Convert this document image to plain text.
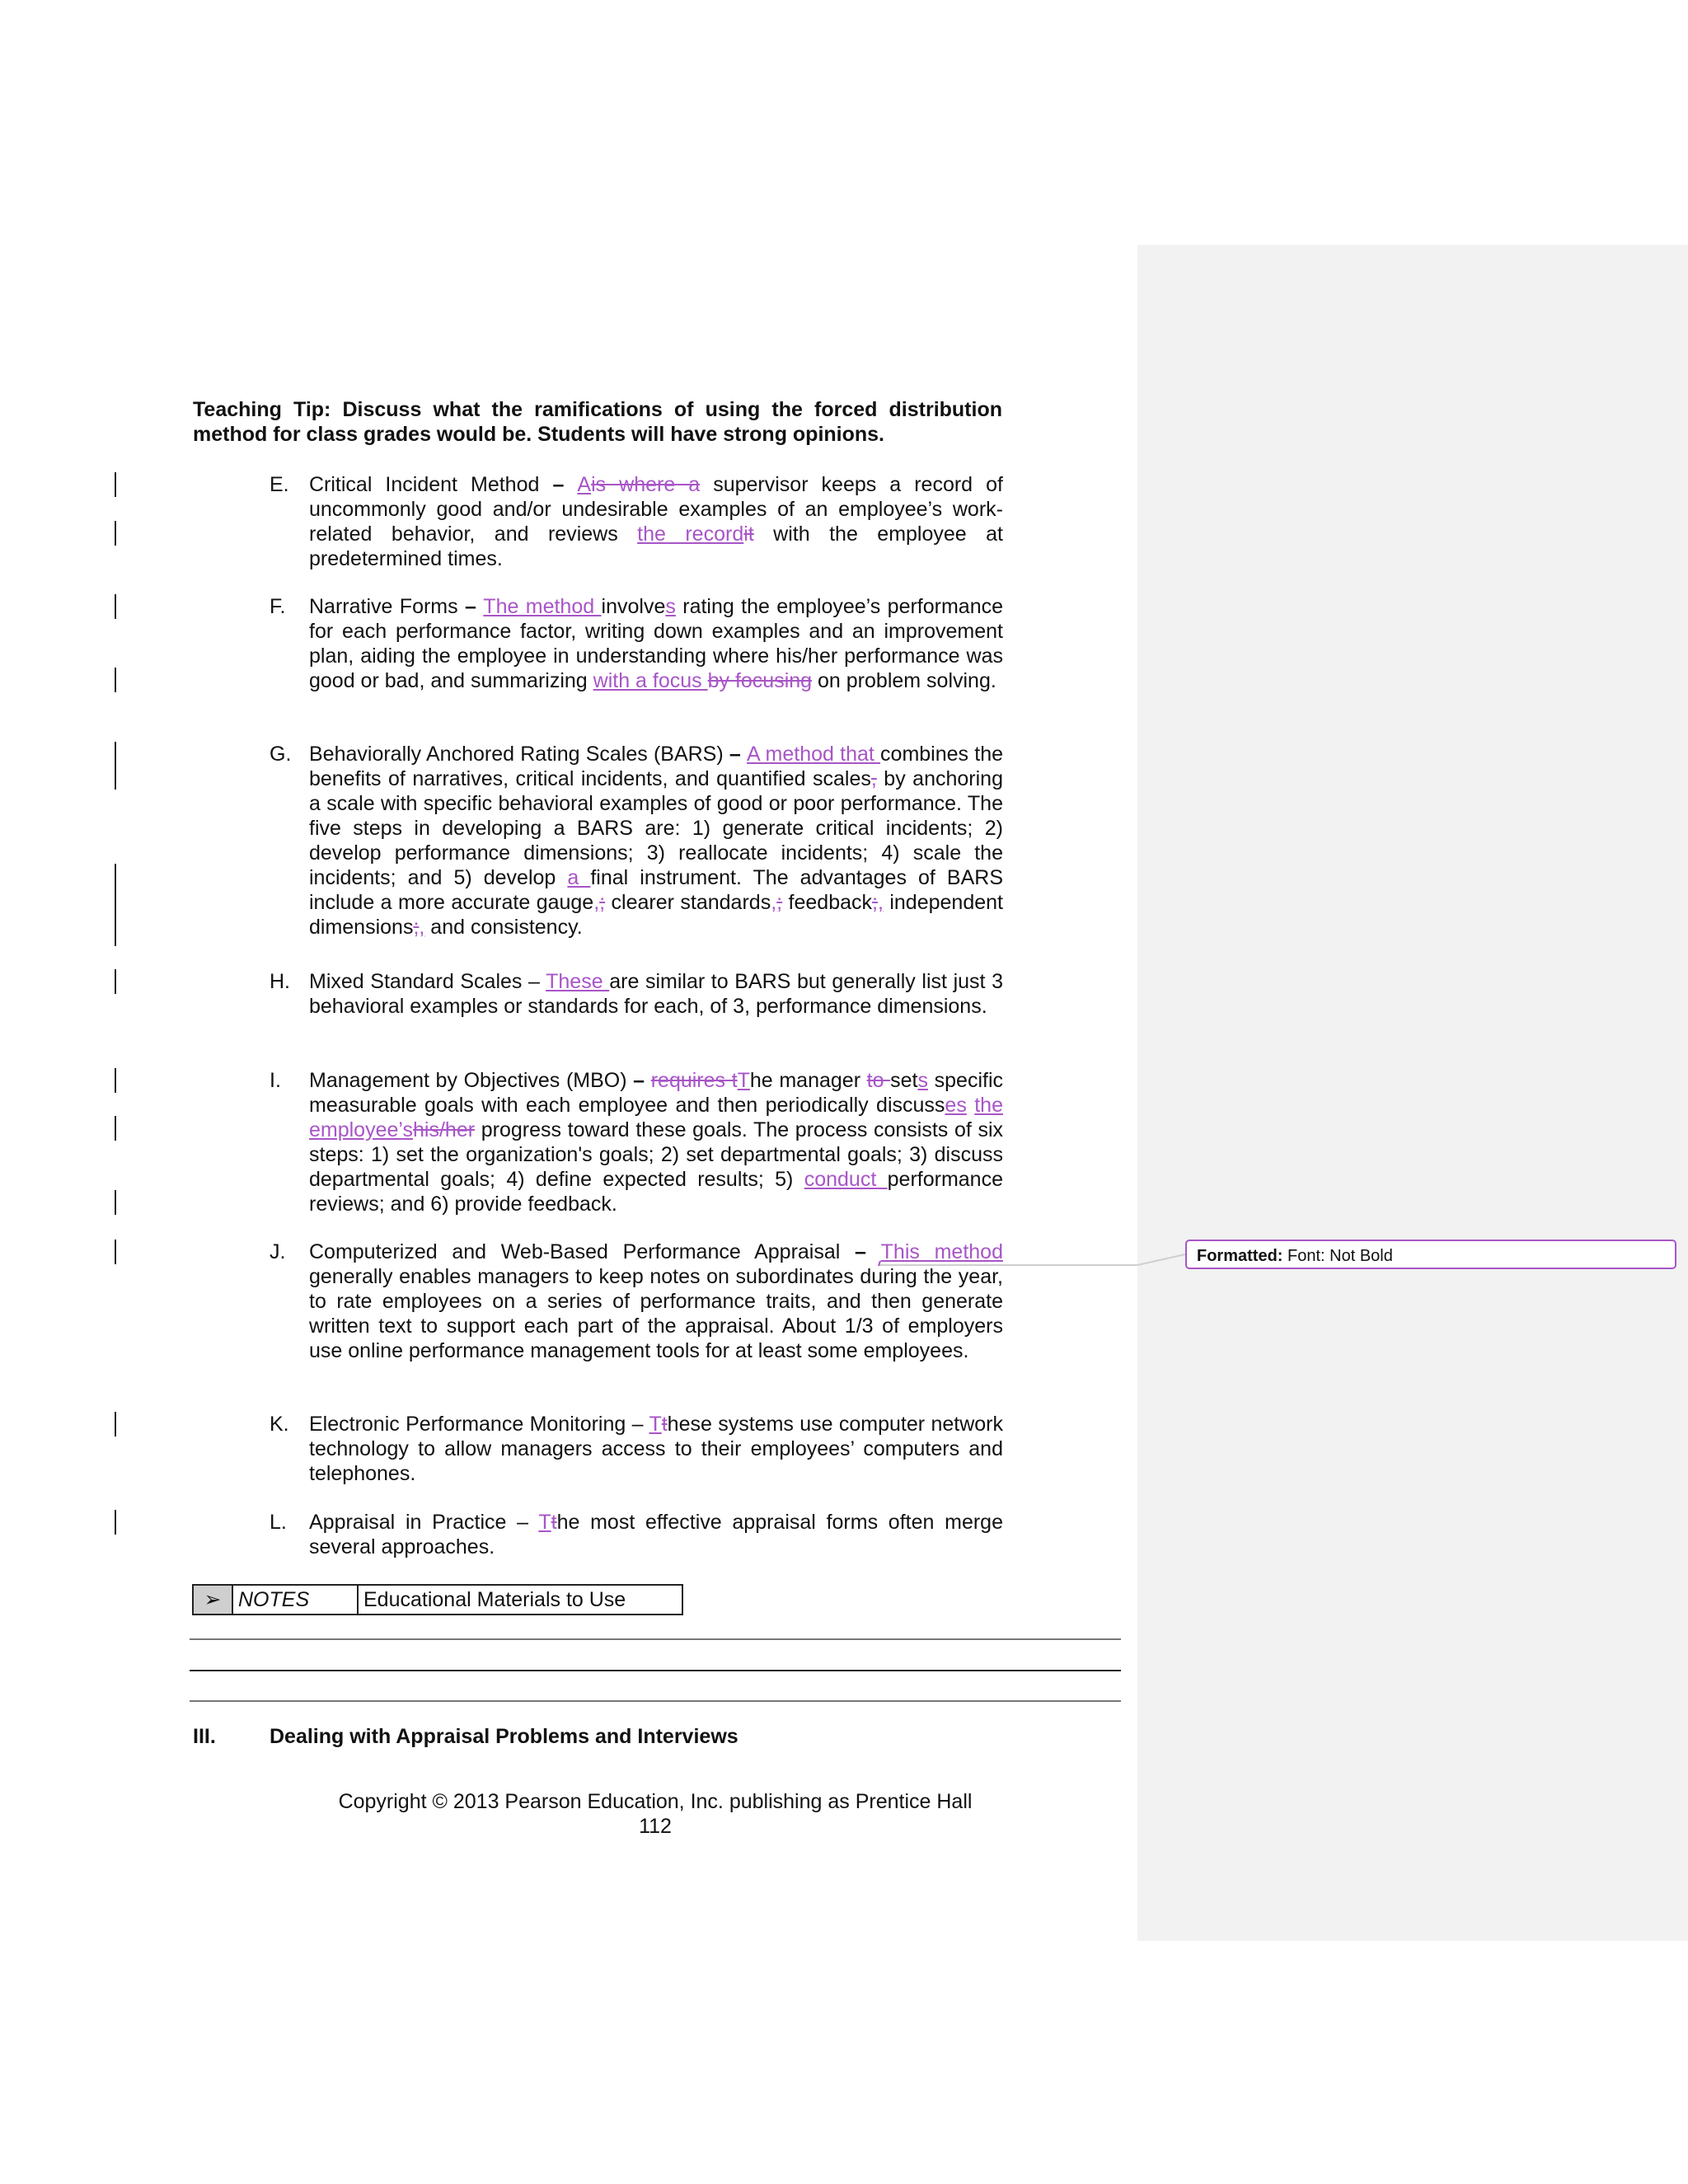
Teaching Tip: Discuss what the ramifications of using the forced distribution method for class grades would be. Students will have strong opinions.
E. Critical Incident Method – Ais where a supervisor keeps a record of uncommonly good and/or undesirable examples of an employee’s work-related behavior, and reviews the recordit with the employee at predetermined times.
F. Narrative Forms – The method involves rating the employee’s performance for each performance factor, writing down examples and an improvement plan, aiding the employee in understanding where his/her performance was good or bad, and summarizing with a focus by focusing on problem solving.
G. Behaviorally Anchored Rating Scales (BARS) – A method that combines the benefits of narratives, critical incidents, and quantified scales, by anchoring a scale with specific behavioral examples of good or poor performance. The five steps in developing a BARS are: 1) generate critical incidents; 2) develop performance dimensions; 3) reallocate incidents; 4) scale the incidents; and 5) develop a final instrument. The advantages of BARS include a more accurate gauge,; clearer standards,; feedback;, independent dimensions;, and consistency.
H. Mixed Standard Scales – These are similar to BARS but generally list just 3 behavioral examples or standards for each, of 3, performance dimensions.
I. Management by Objectives (MBO) – requires tThe manager to sets specific measurable goals with each employee and then periodically discusses the employee’shis/her progress toward these goals. The process consists of six steps: 1) set the organization's goals; 2) set departmental goals; 3) discuss departmental goals; 4) define expected results; 5) conduct performance reviews; and 6) provide feedback.
J. Computerized and Web-Based Performance Appraisal – This method generally enables managers to keep notes on subordinates during the year, to rate employees on a series of performance traits, and then generate written text to support each part of the appraisal. About 1/3 of employers use online performance management tools for at least some employees.
K. Electronic Performance Monitoring – Tthese systems use computer network technology to allow managers access to their employees’ computers and telephones.
L. Appraisal in Practice – Tthe most effective appraisal forms often merge several approaches.
➢ NOTES	Educational Materials to Use
III.	Dealing with Appraisal Problems and Interviews
Copyright © 2013 Pearson Education, Inc. publishing as Prentice Hall
112
Formatted: Font: Not Bold
